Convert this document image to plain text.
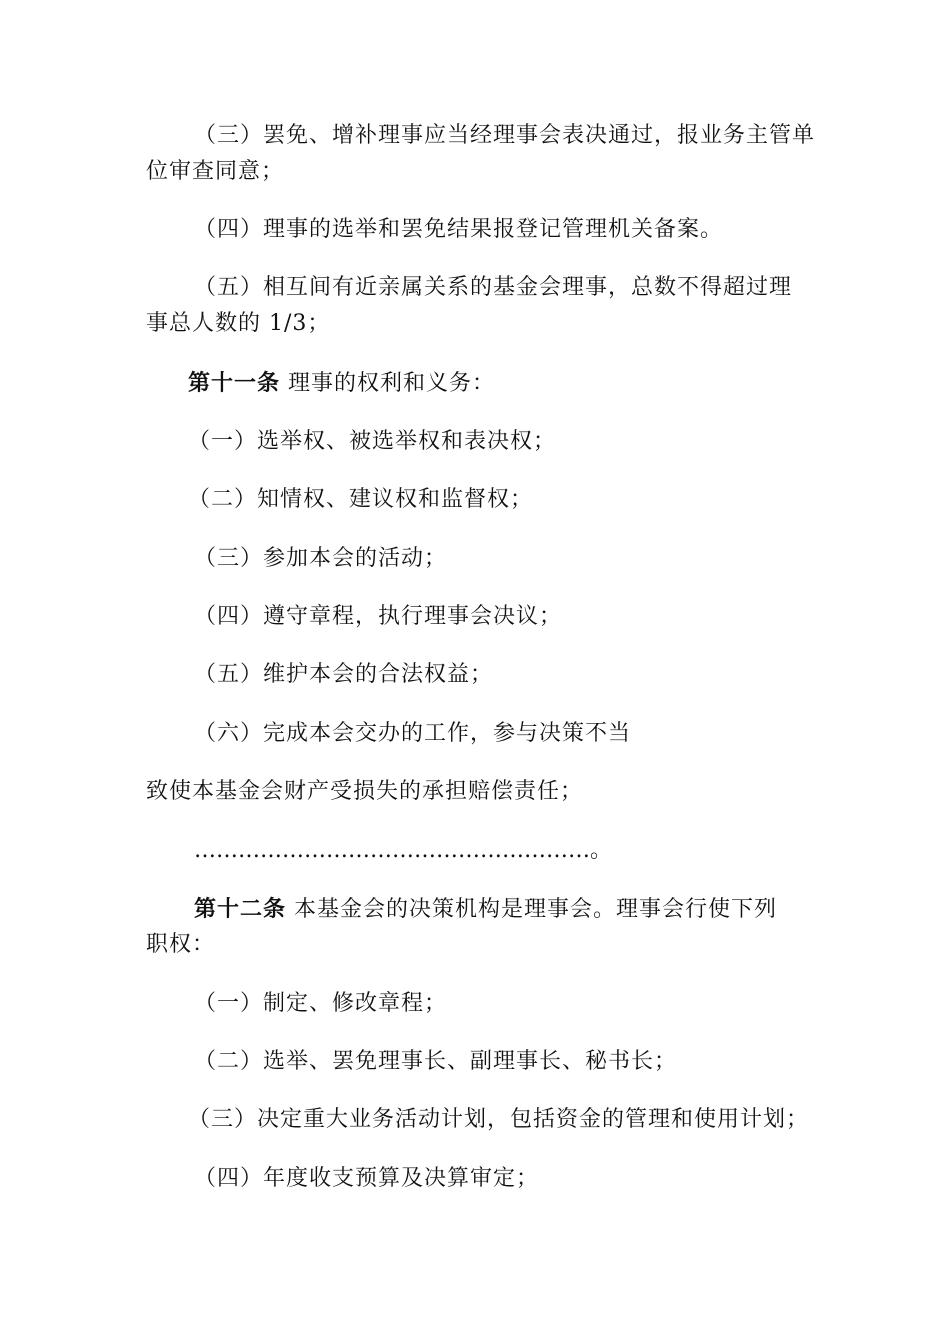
（三）罢免、增补理事应当经理事会表决通过，报业务主管单
位审查同意；
（四）理事的选举和罢免结果报登记管理机关备案。
（五）相互间有近亲属关系的基金会理事，总数不得超过理
事总人数的 1/3；
第十一条 理事的权利和义务：
（一）选举权、被选举权和表决权；
（二）知情权、建议权和监督权；
（三）参加本会的活动；
（四）遵守章程，执行理事会决议；
（五）维护本会的合法权益；
（六）完成本会交办的工作，参与决策不当
致使本基金会财产受损失的承担赔偿责任；
………………………………………………。
第十二条 本基金会的决策机构是理事会。理事会行使下列
职权：
（一）制定、修改章程；
（二）选举、罢免理事长、副理事长、秘书长；
（三）决定重大业务活动计划，包括资金的管理和使用计划；
（四）年度收支预算及决算审定；
